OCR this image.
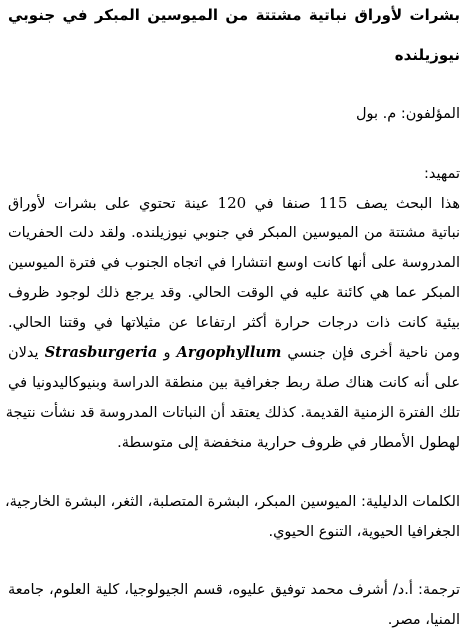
بشرات لأوراق نباتية مشتتة من الميوسين المبكر في جنوبي
نيوزيلنده
المؤلفون: م. بول
تمهيد:
هذا البحث يصف 115 صنفا في 120 عينة تحتوي على بشرات لأوراق
نباتية مشتتة من الميوسين المبكر في جنوبي نيوزيلنده. ولقد دلت الحفريات
المدروسة على أنها كانت اوسع انتشارا في اتجاه الجنوب في فترة الميوسين
المبكر عما هي كائنة عليه في الوقت الحالي. وقد يرجع ذلك لوجود ظروف
بيئية كانت ذات درجات حرارة أكثر ارتفاعا عن مثيلاتها في وقتنا الحالي.
ومن ناحية أخرى فإن جنسي Argophyllum و Strasburgeria يدلان
على أنه كانت هناك صلة ربط جغرافية بين منطقة الدراسة وبنيوكاليدونيا في
تلك الفترة الزمنية القديمة. كذلك يعتقد أن النباتات المدروسة قد نشأت نتيجة
لهطول الأمطار في ظروف حرارية منخفضة إلى متوسطة.
الكلمات الدليلية: الميوسين المبكر، البشرة المتصلبة، الثغر، البشرة الخارجية،
الجغرافيا الحيوية، التنوع الحيوي.
ترجمة: أ.د/ أشرف محمد توفيق عليوه، قسم الجيولوجيا، كلية العلوم، جامعة
المنيا، مصر.
